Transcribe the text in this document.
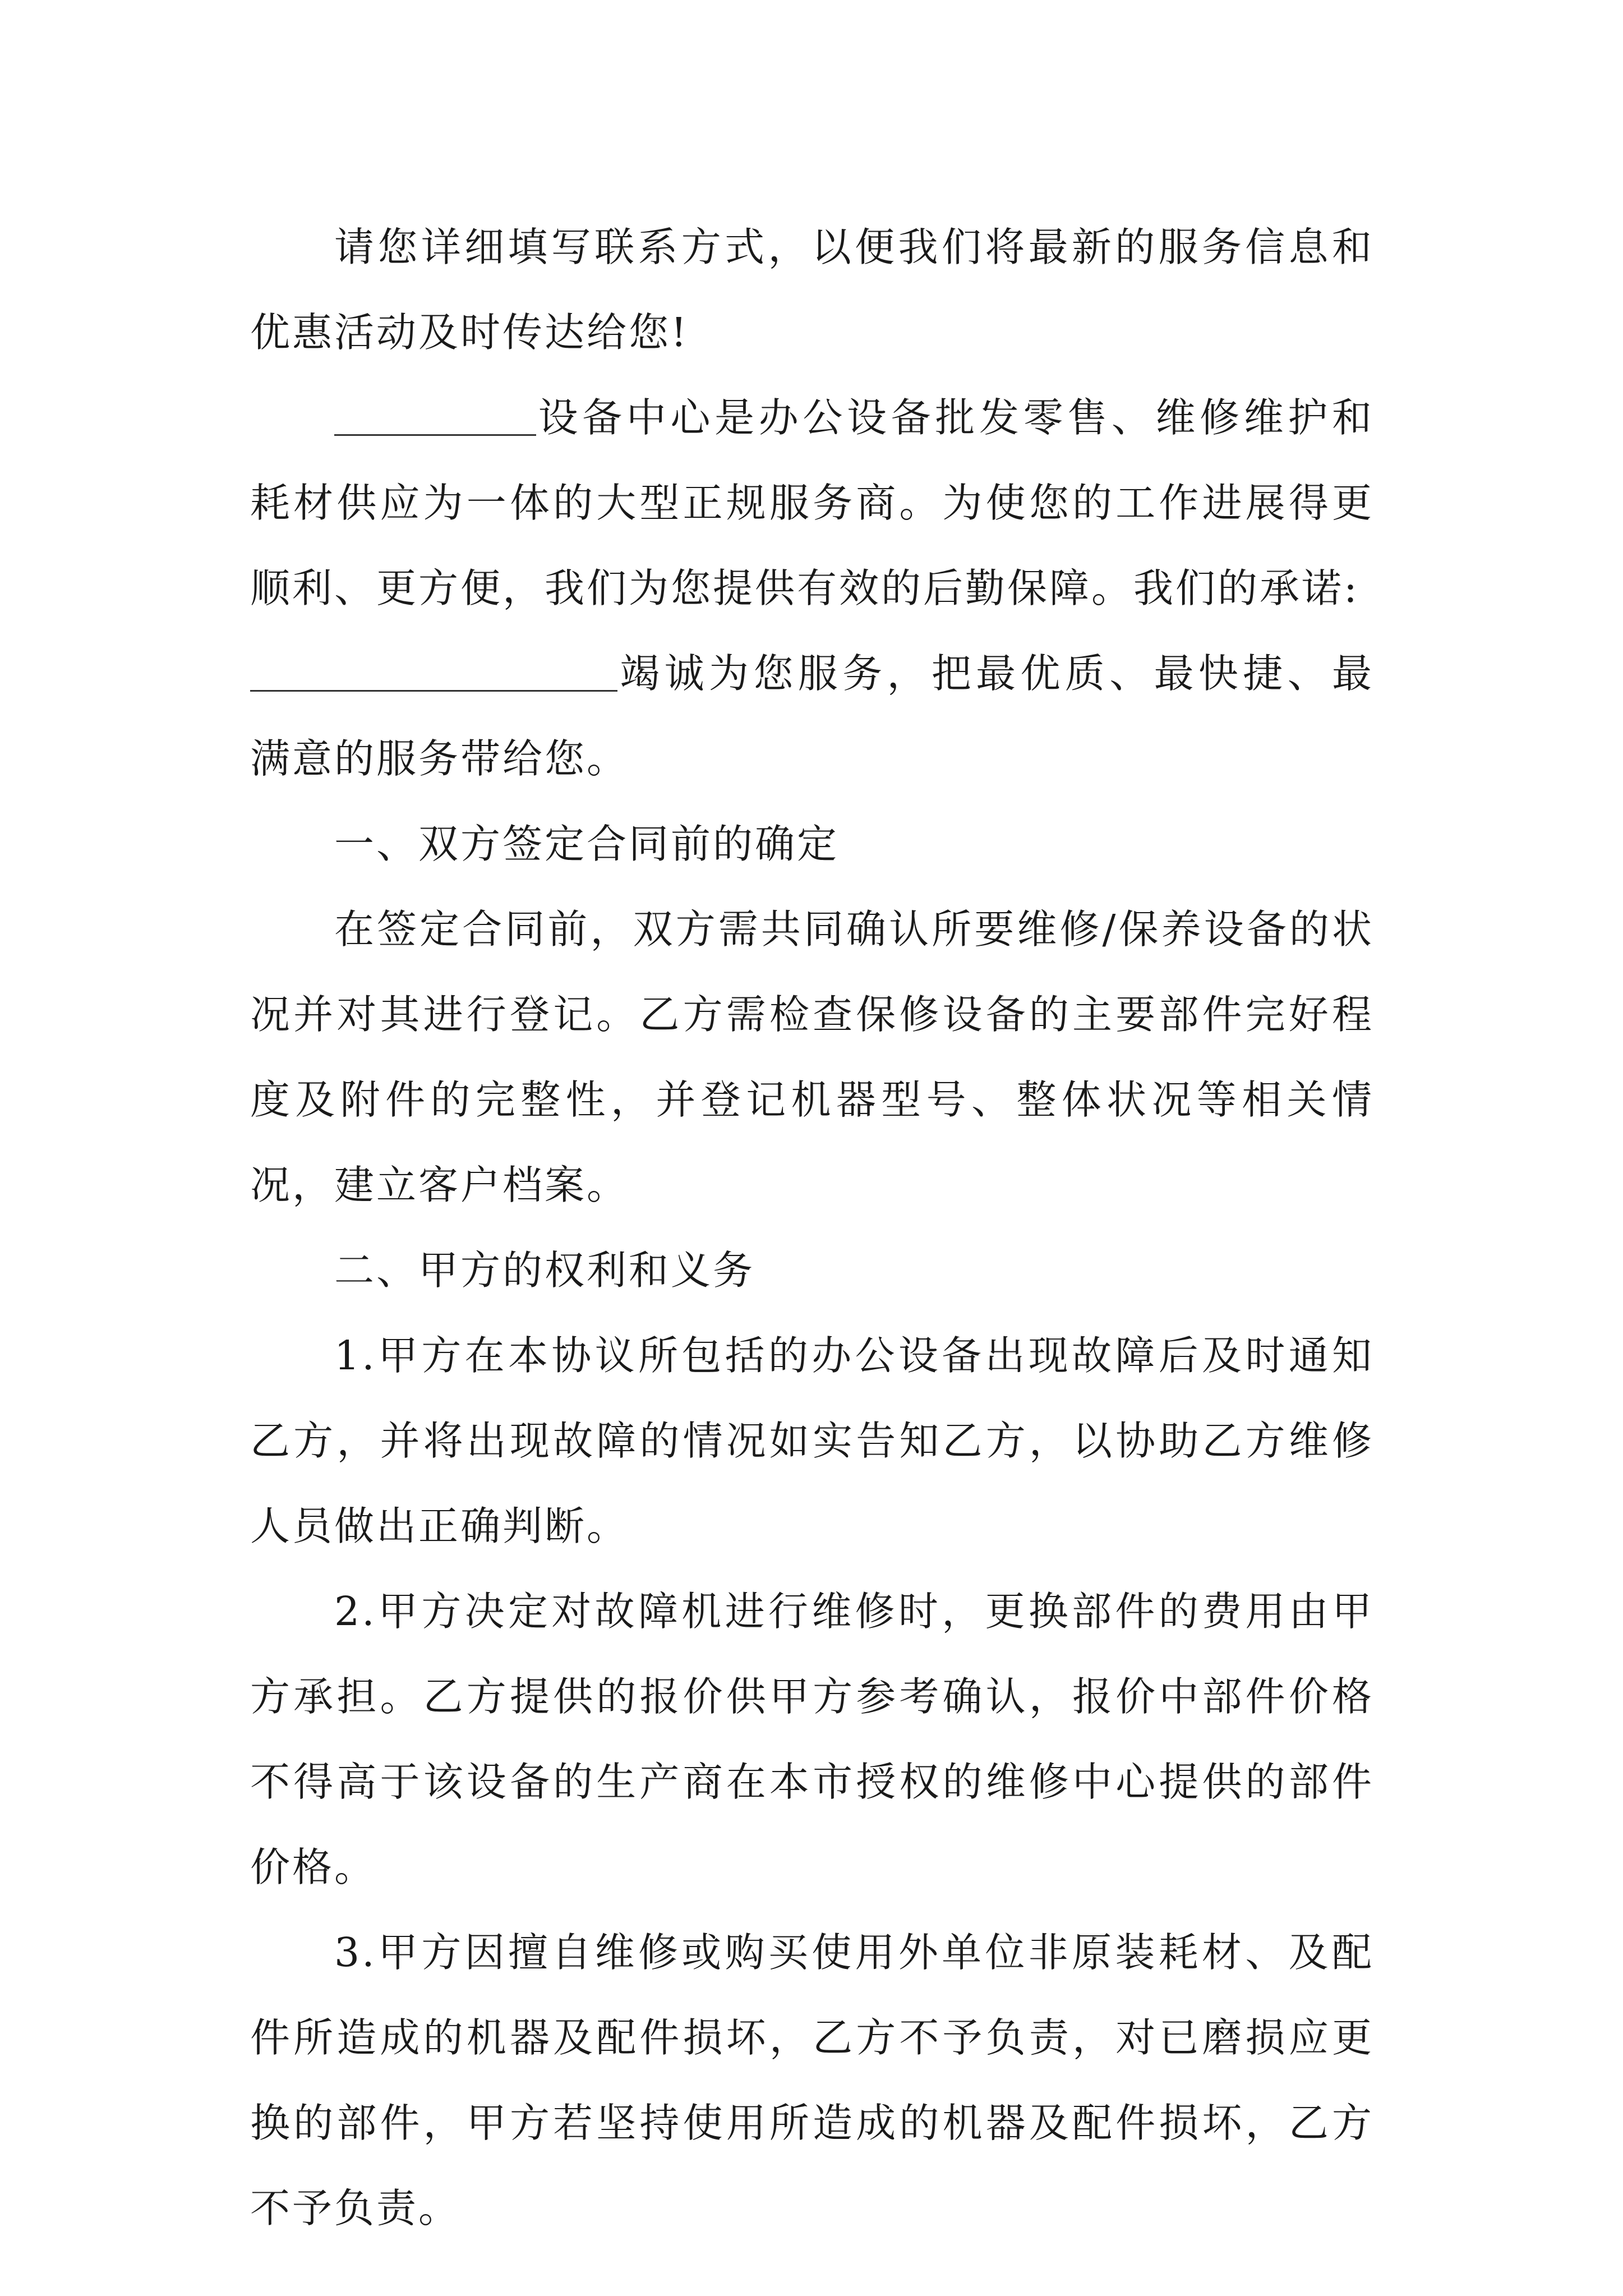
请您详细填写联系方式，以便我们将最新的服务信息和优惠活动及时传达给您!

设备中心是办公设备批发零售、维修维护和耗材供应为一体的大型正规服务商。为使您的工作进展得更顺利、更方便，我们为您提供有效的后勤保障。我们的承诺:
竭诚为您服务，把最优质、最快捷、最满意的服务带给您。

一、双方签定合同前的确定

在签定合同前，双方需共同确认所要维修/保养设备的状况并对其进行登记。乙方需检查保修设备的主要部件完好程度及附件的完整性，并登记机器型号、整体状况等相关情况，建立客户档案。

二、甲方的权利和义务

1.甲方在本协议所包括的办公设备出现故障后及时通知乙方，并将出现故障的情况如实告知乙方，以协助乙方维修人员做出正确判断。

2.甲方决定对故障机进行维修时，更换部件的费用由甲方承担。乙方提供的报价供甲方参考确认，报价中部件价格不得高于该设备的生产商在本市授权的维修中心提供的部件价格。

3.甲方因擅自维修或购买使用外单位非原装耗材、及配件所造成的机器及配件损坏，乙方不予负责，对已磨损应更换的部件，甲方若坚持使用所造成的机器及配件损坏，乙方不予负责。
